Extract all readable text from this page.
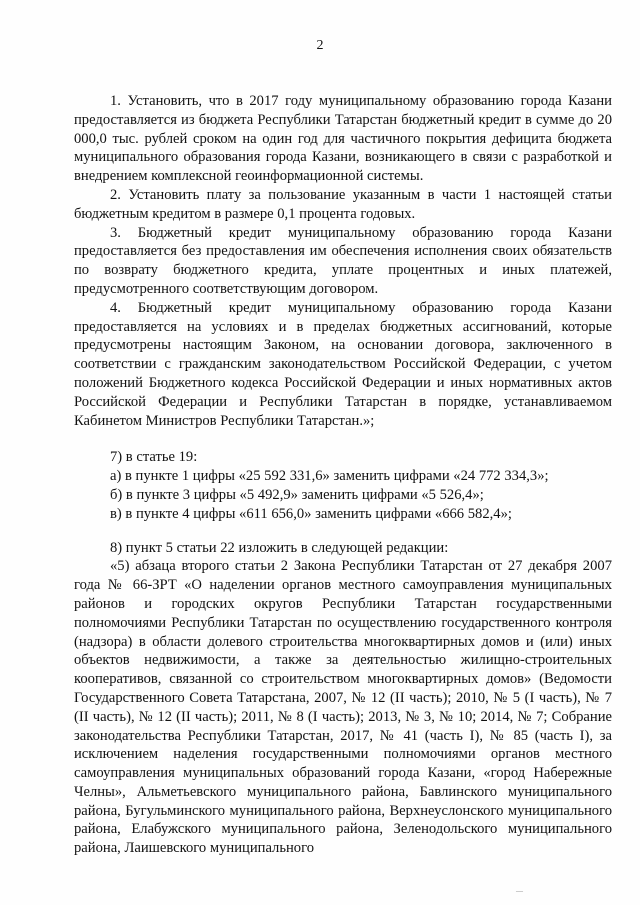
2

1. Установить, что в 2017 году муниципальному образованию города Казани предоставляется из бюджета Республики Татарстан бюджетный кредит в сумме до 20 000,0 тыс. рублей сроком на один год для частичного покрытия дефицита бюджета муниципального образования города Казани, возникающего в связи с разработкой и внедрением комплексной геоинформационной системы.

2. Установить плату за пользование указанным в части 1 настоящей статьи бюджетным кредитом в размере 0,1 процента годовых.

3. Бюджетный кредит муниципальному образованию города Казани предоставляется без предоставления им обеспечения исполнения своих обязательств по возврату бюджетного кредита, уплате процентных и иных платежей, предусмотренного соответствующим договором.

4. Бюджетный кредит муниципальному образованию города Казани предоставляется на условиях и в пределах бюджетных ассигнований, которые предусмотрены настоящим Законом, на основании договора, заключенного в соответствии с гражданским законодательством Российской Федерации, с учетом положений Бюджетного кодекса Российской Федерации и иных нормативных актов Российской Федерации и Республики Татарстан в порядке, устанавливаемом Кабинетом Министров Республики Татарстан.»;

7) в статье 19:

а) в пункте 1 цифры «25 592 331,6» заменить цифрами «24 772 334,3»;

б) в пункте 3 цифры «5 492,9» заменить цифрами «5 526,4»;

в) в пункте 4 цифры «611 656,0» заменить цифрами «666 582,4»;

8) пункт 5 статьи 22 изложить в следующей редакции:

«5) абзаца второго статьи 2 Закона Республики Татарстан от 27 декабря 2007 года № 66-ЗРТ «О наделении органов местного самоуправления муниципальных районов и городских округов Республики Татарстан государственными полномочиями Республики Татарстан по осуществлению государственного контроля (надзора) в области долевого строительства многоквартирных домов и (или) иных объектов недвижимости, а также за деятельностью жилищно-строительных кооперативов, связанной со строительством многоквартирных домов» (Ведомости Государственного Совета Татарстана, 2007, № 12 (II часть); 2010, № 5 (I часть), № 7 (II часть), № 12 (II часть); 2011, № 8 (I часть); 2013, № 3, № 10; 2014, № 7; Собрание законодательства Республики Татарстан, 2017, № 41 (часть I), № 85 (часть I), за исключением наделения государственными полномочиями органов местного самоуправления муниципальных образований города Казани, «город Набережные Челны», Альметьевского муниципального района, Бавлинского муниципального района, Бугульминского муниципального района, Верхнеуслонского муниципального района, Елабужского муниципального района, Зеленодольского муниципального района, Лаишевского муниципального

—
